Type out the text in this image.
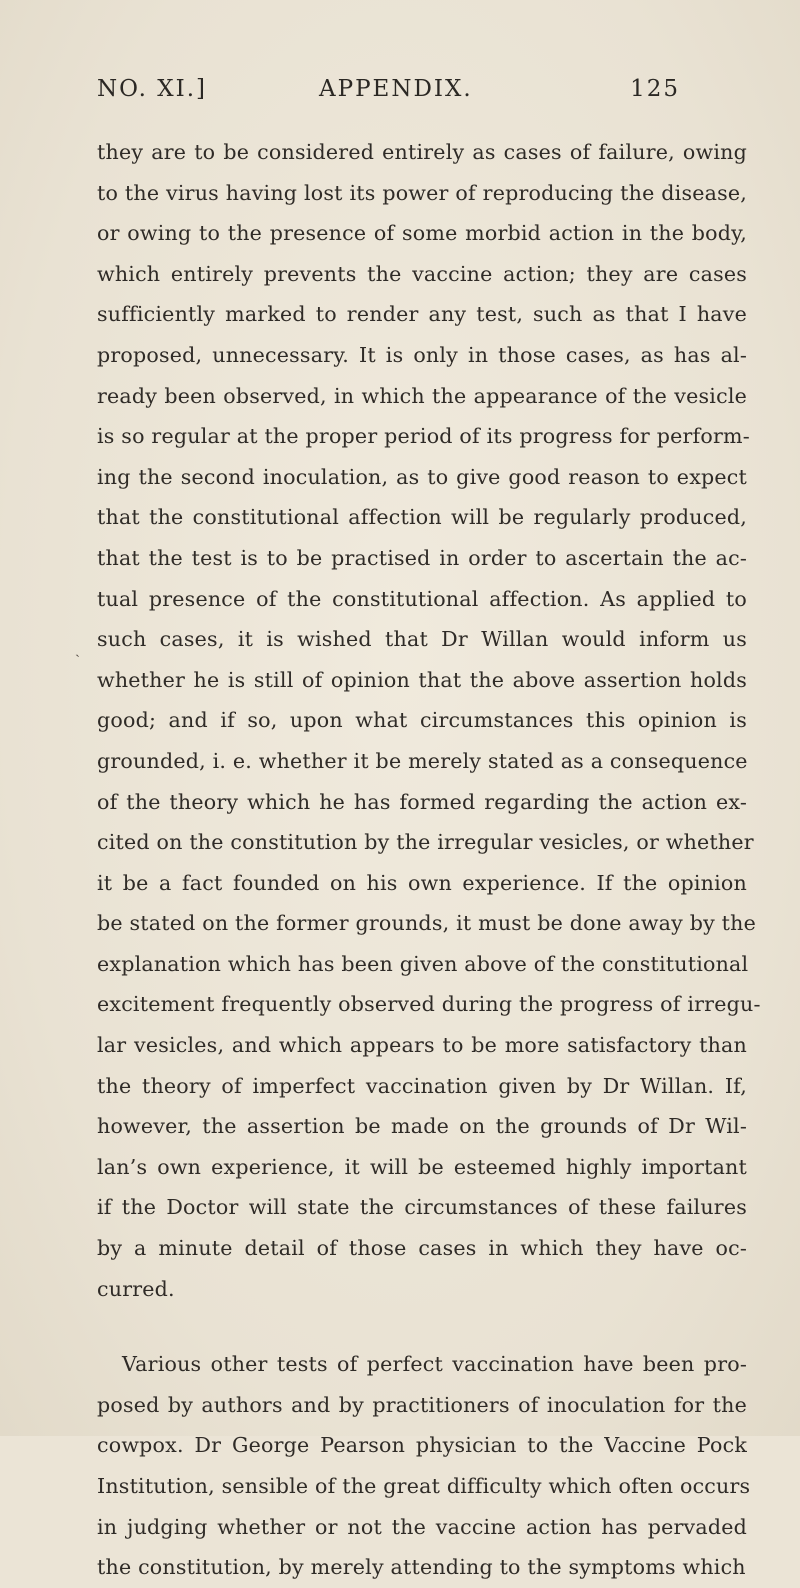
NO. XI.]	APPENDIX.	125
ˎ
they are to be considered entirely as cases of failure, owing
to the virus having lost its power of reproducing the disease,
or owing to the presence of some morbid action in the body,
which entirely prevents the vaccine action; they are cases
sufficiently marked to render any test, such as that I have
proposed, unnecessary. It is only in those cases, as has al-
ready been observed, in which the appearance of the vesicle
is so regular at the proper period of its progress for perform-
ing the second inoculation, as to give good reason to expect
that the constitutional affection will be regularly produced,
that the test is to be practised in order to ascertain the ac-
tual presence of the constitutional affection. As applied to
such cases, it is wished that Dr Willan would inform us
whether he is still of opinion that the above assertion holds
good; and if so, upon what circumstances this opinion is
grounded, i. e. whether it be merely stated as a consequence
of the theory which he has formed regarding the action ex-
cited on the constitution by the irregular vesicles, or whether
it be a fact founded on his own experience. If the opinion
be stated on the former grounds, it must be done away by the
explanation which has been given above of the constitutional
excitement frequently observed during the progress of irregu-
lar vesicles, and which appears to be more satisfactory than
the theory of imperfect vaccination given by Dr Willan. If,
however, the assertion be made on the grounds of Dr Wil-
lan’s own experience, it will be esteemed highly important
if the Doctor will state the circumstances of these failures
by a minute detail of those cases in which they have oc-
curred.
Various other tests of perfect vaccination have been pro-
posed by authors and by practitioners of inoculation for the
cowpox. Dr George Pearson physician to the Vaccine Pock
Institution, sensible of the great difficulty which often occurs
in judging whether or not the vaccine action has pervaded
the constitution, by merely attending to the symptoms which
